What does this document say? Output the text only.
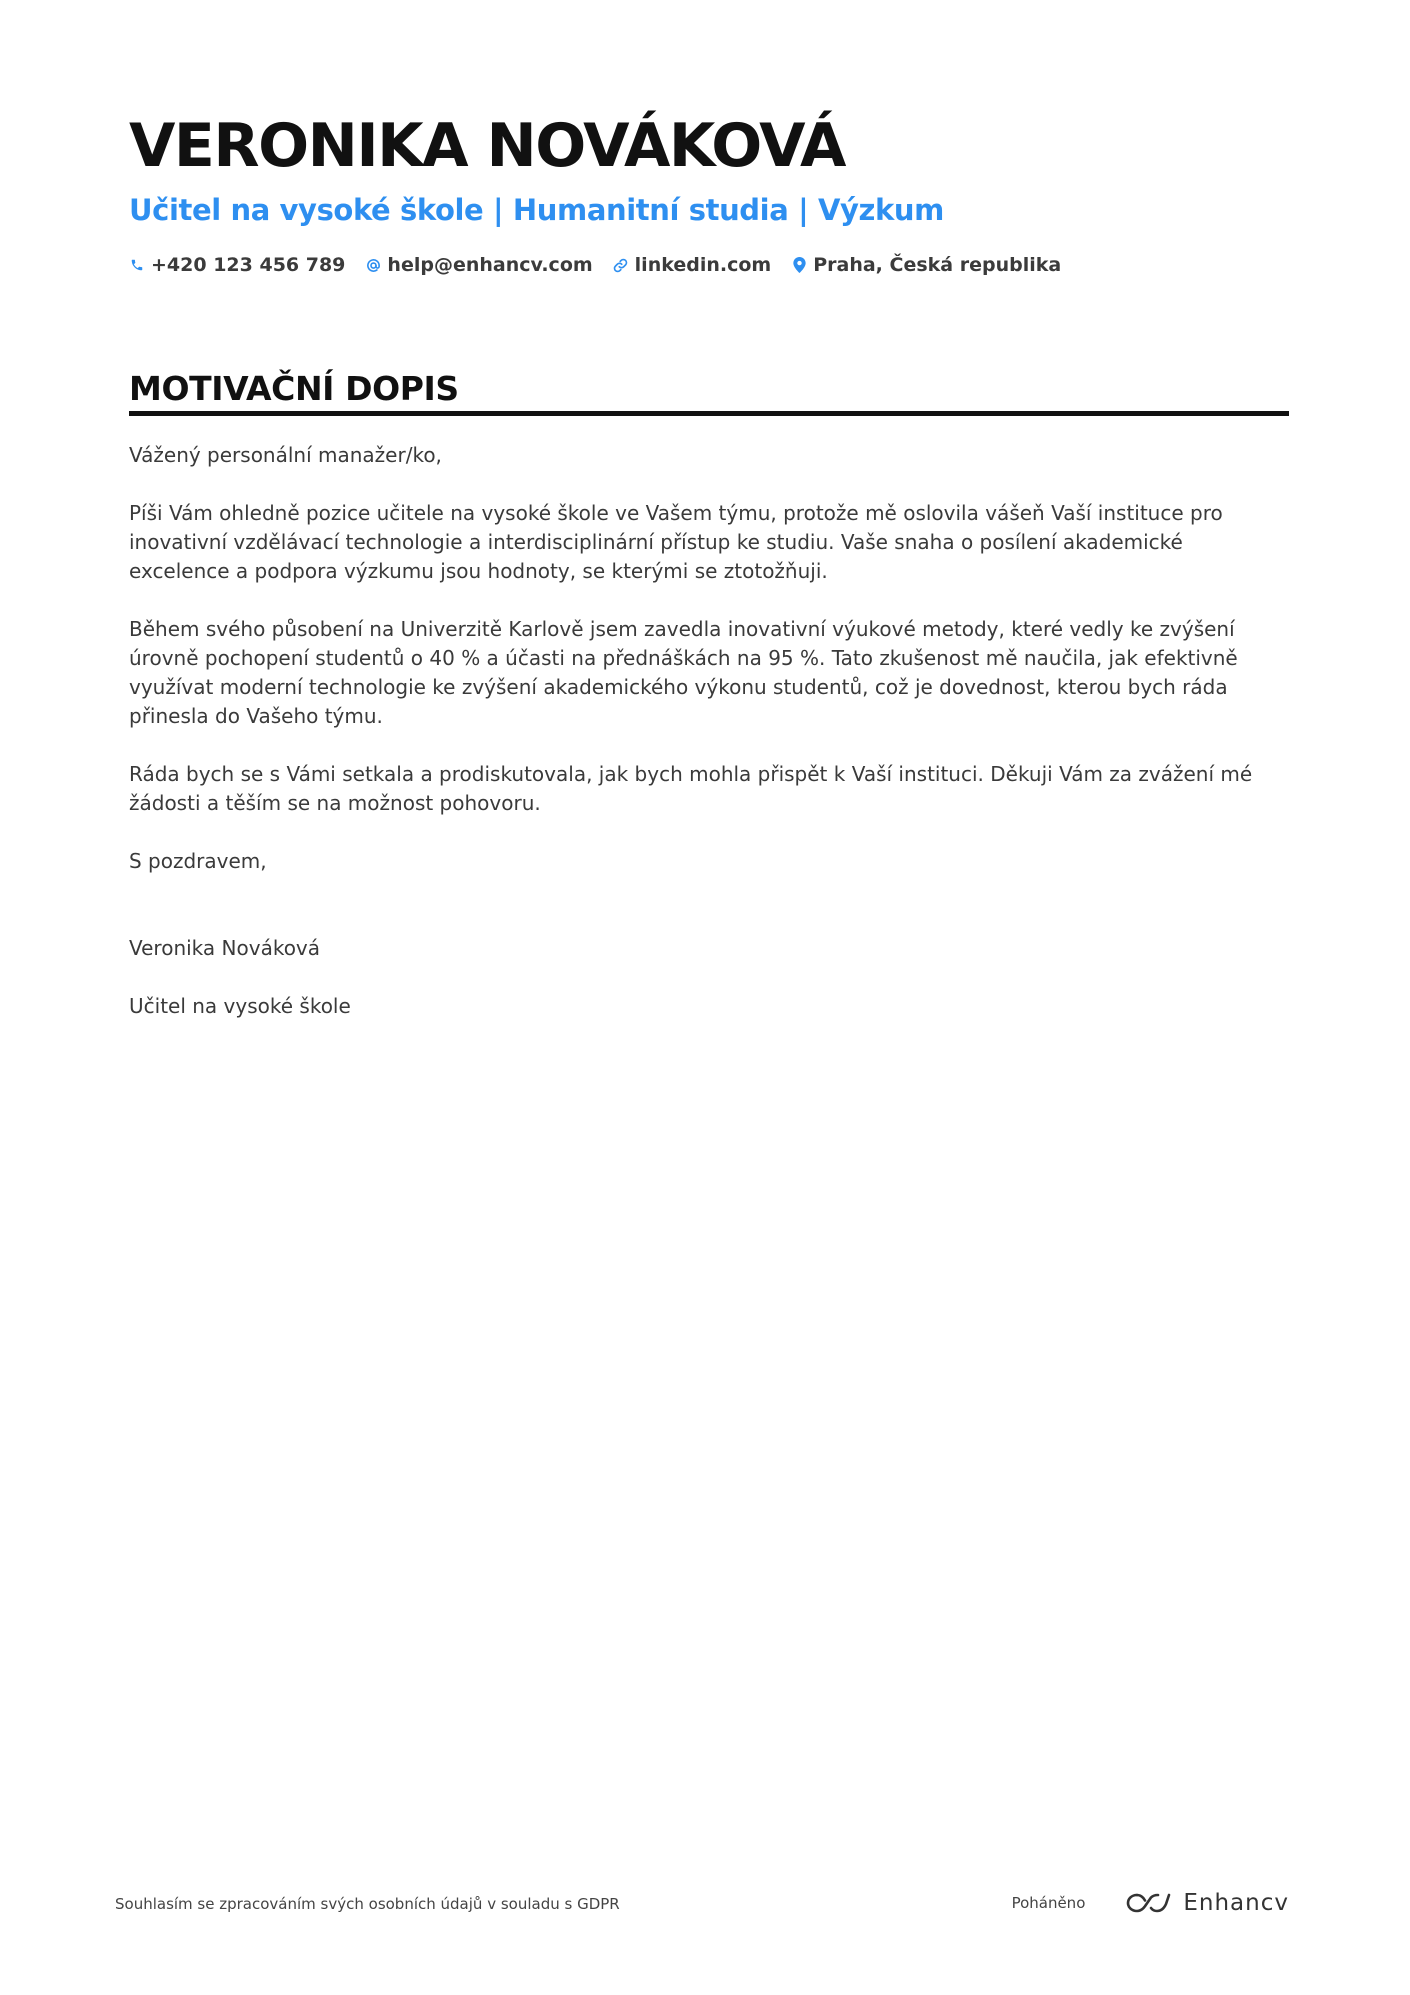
VERONIKA NOVÁKOVÁ
Učitel na vysoké škole | Humanitní studia | Výzkum
+420 123 456 789 help@enhancv.com linkedin.com Praha, Česká republika
MOTIVAČNÍ DOPIS

Vážený personální manažer/ko,

Píši Vám ohledně pozice učitele na vysoké škole ve Vašem týmu, protože mě oslovila vášeň Vaší instituce pro inovativní vzdělávací technologie a interdisciplinární přístup ke studiu. Vaše snaha o posílení akademické excelence a podpora výzkumu jsou hodnoty, se kterými se ztotožňuji.

Během svého působení na Univerzitě Karlově jsem zavedla inovativní výukové metody, které vedly ke zvýšení úrovně pochopení studentů o 40 % a účasti na přednáškách na 95 %. Tato zkušenost mě naučila, jak efektivně využívat moderní technologie ke zvýšení akademického výkonu studentů, což je dovednost, kterou bych ráda přinesla do Vašeho týmu.

Ráda bych se s Vámi setkala a prodiskutovala, jak bych mohla přispět k Vaší instituci. Děkuji Vám za zvážení mé žádosti a těším se na možnost pohovoru.

S pozdravem,

Veronika Nováková

Učitel na vysoké škole

Souhlasím se zpracováním svých osobních údajů v souladu s GDPR	Poháněno	Enhancv
